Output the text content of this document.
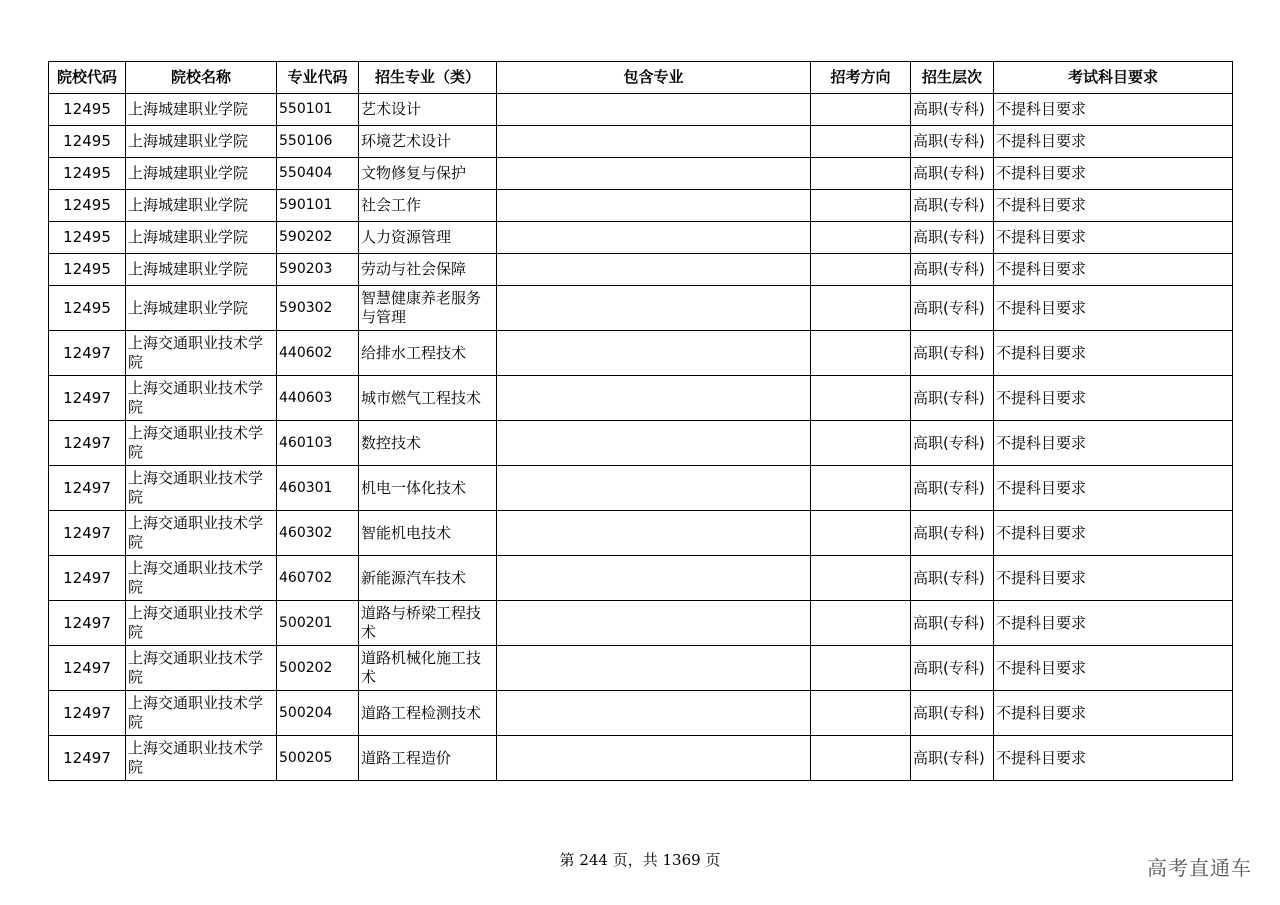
院校代码	院校名称	专业代码	招生专业（类）	包含专业	招考方向	招生层次	考试科目要求
12495	上海城建职业学院	550101	艺术设计			高职(专科)	不提科目要求
12495	上海城建职业学院	550106	环境艺术设计			高职(专科)	不提科目要求
12495	上海城建职业学院	550404	文物修复与保护			高职(专科)	不提科目要求
12495	上海城建职业学院	590101	社会工作			高职(专科)	不提科目要求
12495	上海城建职业学院	590202	人力资源管理			高职(专科)	不提科目要求
12495	上海城建职业学院	590203	劳动与社会保障			高职(专科)	不提科目要求
12495	上海城建职业学院	590302	智慧健康养老服务与管理			高职(专科)	不提科目要求
12497	上海交通职业技术学院	440602	给排水工程技术			高职(专科)	不提科目要求
12497	上海交通职业技术学院	440603	城市燃气工程技术			高职(专科)	不提科目要求
12497	上海交通职业技术学院	460103	数控技术			高职(专科)	不提科目要求
12497	上海交通职业技术学院	460301	机电一体化技术			高职(专科)	不提科目要求
12497	上海交通职业技术学院	460302	智能机电技术			高职(专科)	不提科目要求
12497	上海交通职业技术学院	460702	新能源汽车技术			高职(专科)	不提科目要求
12497	上海交通职业技术学院	500201	道路与桥梁工程技术			高职(专科)	不提科目要求
12497	上海交通职业技术学院	500202	道路机械化施工技术			高职(专科)	不提科目要求
12497	上海交通职业技术学院	500204	道路工程检测技术			高职(专科)	不提科目要求
12497	上海交通职业技术学院	500205	道路工程造价			高职(专科)	不提科目要求
第 244 页，共 1369 页	高考直通车
